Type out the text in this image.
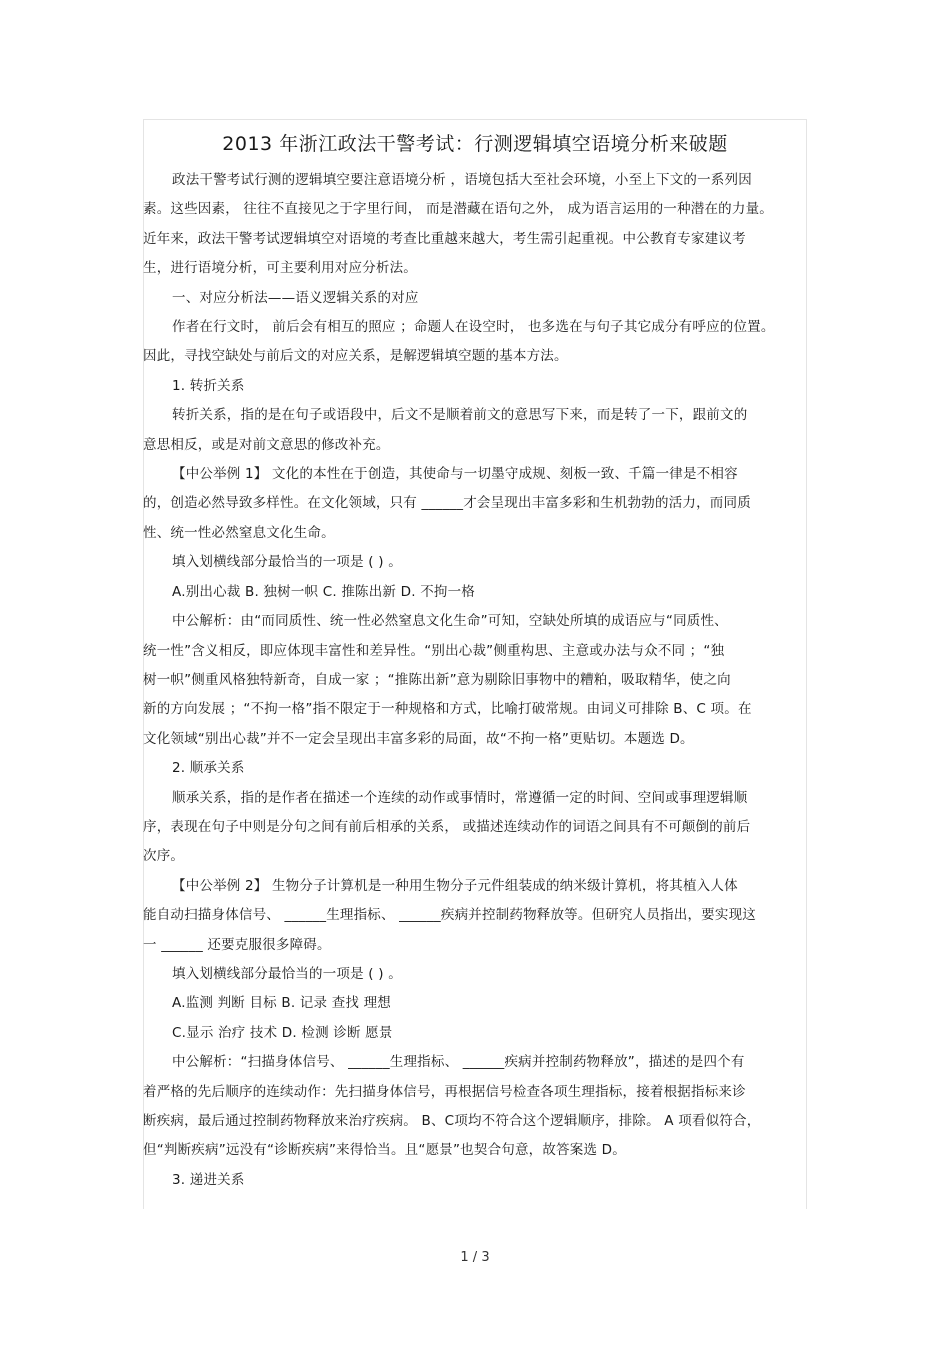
2013 年浙江政法干警考试：行测逻辑填空语境分析来破题
政法干警考试行测的逻辑填空要注意语境分析 ，语境包括大至社会环境，小至上下文的一系列因
素。这些因素， 往往不直接见之于字里行间， 而是潜藏在语句之外， 成为语言运用的一种潜在的力量。
近年来，政法干警考试逻辑填空对语境的考查比重越来越大，考生需引起重视。中公教育专家建议考
生，进行语境分析，可主要利用对应分析法。
一、对应分析法——语义逻辑关系的对应
作者在行文时， 前后会有相互的照应 ；命题人在设空时， 也多选在与句子其它成分有呼应的位置。
因此，寻找空缺处与前后文的对应关系，是解逻辑填空题的基本方法。
1. 转折关系
转折关系，指的是在句子或语段中，后文不是顺着前文的意思写下来，而是转了一下，跟前文的
意思相反，或是对前文意思的修改补充。
【中公举例 1】 文化的本性在于创造，其使命与一切墨守成规、刻板一致、千篇一律是不相容
的，创造必然导致多样性。在文化领域，只有 ______才会呈现出丰富多彩和生机勃勃的活力，而同质
性、统一性必然窒息文化生命。
填入划横线部分最恰当的一项是 ( ) 。
A.别出心裁 B. 独树一帜 C. 推陈出新 D. 不拘一格
中公解析：由“而同质性、统一性必然窒息文化生命”可知，空缺处所填的成语应与“同质性、
统一性”含义相反，即应体现丰富性和差异性。“别出心裁”侧重构思、主意或办法与众不同 ；“独
树一帜”侧重风格独特新奇，自成一家 ；“推陈出新”意为剔除旧事物中的糟粕，吸取精华，使之向
新的方向发展 ；“不拘一格”指不限定于一种规格和方式，比喻打破常规。由词义可排除 B、C 项。在
文化领域“别出心裁”并不一定会呈现出丰富多彩的局面，故“不拘一格”更贴切。本题选 D。
2. 顺承关系
顺承关系，指的是作者在描述一个连续的动作或事情时，常遵循一定的时间、空间或事理逻辑顺
序，表现在句子中则是分句之间有前后相承的关系， 或描述连续动作的词语之间具有不可颠倒的前后
次序。
【中公举例 2】 生物分子计算机是一种用生物分子元件组装成的纳米级计算机，将其植入人体
能自动扫描身体信号、 ______生理指标、 ______疾病并控制药物释放等。但研究人员指出，要实现这
一 ______ 还要克服很多障碍。
填入划横线部分最恰当的一项是 ( ) 。
A.监测 判断 目标 B. 记录 查找 理想
C.显示 治疗 技术 D. 检测 诊断 愿景
中公解析：“扫描身体信号、 ______生理指标、 ______疾病并控制药物释放”，描述的是四个有
着严格的先后顺序的连续动作：先扫描身体信号，再根据信号检查各项生理指标，接着根据指标来诊
断疾病，最后通过控制药物释放来治疗疾病。 B、C项均不符合这个逻辑顺序，排除。 A 项看似符合，
但“判断疾病”远没有“诊断疾病”来得恰当。且“愿景”也契合句意，故答案选 D。
3. 递进关系
1 / 3
